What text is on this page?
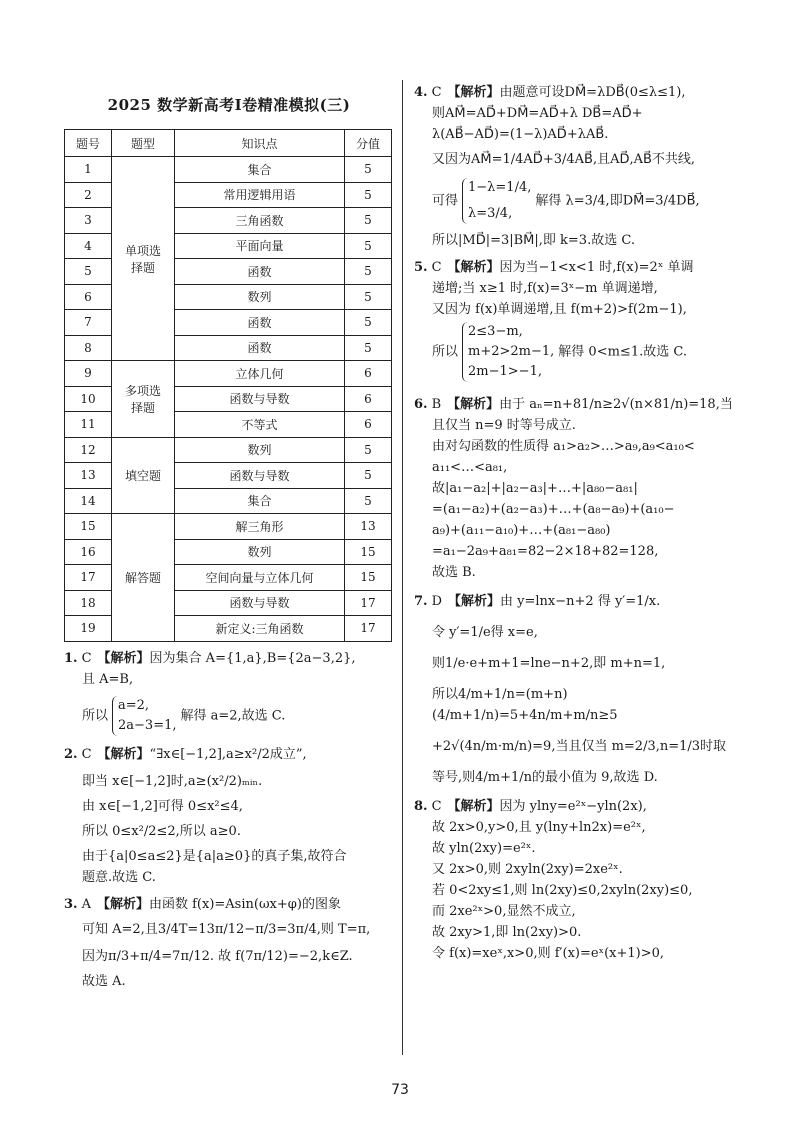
2025 数学新高考Ⅰ卷精准模拟(三)
题号	题型	知识点	分值
1	单项选择题	集合	5
2		常用逻辑用语	5
3		三角函数	5
4		平面向量	5
5		函数	5
6		数列	5
7		函数	5
8		函数	5
9	多项选择题	立体几何	6
10		函数与导数	6
11		不等式	6
12	填空题	数列	5
13		函数与导数	5
14		集合	5
15	解答题	解三角形	13
16		数列	15
17		空间向量与立体几何	15
18		函数与导数	17
19		新定义:三角函数	17

1. C 【解析】因为集合 A={1,a},B={2a−3,2},

且 A=B,

所以
a=2,
2a−3=1,
解得 a=2,故选 C.

2. C 【解析】“∃x∈[−1,2],a≥x²/2成立”,

即当 x∈[−1,2]时,a≥(x²/2)ₘᵢₙ.

由 x∈[−1,2]可得 0≤x²≤4,

所以 0≤x²/2≤2,所以 a≥0.

由于{a|0≤a≤2}是{a|a≥0}的真子集,故符合

题意.故选 C.

3. A 【解析】由函数 f(x)=Asin(ωx+φ)的图象

可知 A=2,且3/4T=13π/12−π/3=3π/4,则 T=π,

因为π/3+π/4=7π/12. 故 f(7π/12)=−2,k∈Z.

故选 A.

4. C 【解析】由题意可设DM⃗=λDB⃗(0≤λ≤1),

则AM⃗=AD⃗+DM⃗=AD⃗+λ DB⃗=AD⃗+

λ(AB⃗−AD⃗)=(1−λ)AD⃗+λAB⃗.

又因为AM⃗=1/4AD⃗+3/4AB⃗,且AD⃗,AB⃗不共线,

可得
1−λ=1/4,
λ=3/4,
解得 λ=3/4,即DM⃗=3/4DB⃗,

所以|MD⃗|=3|BM⃗|,即 k=3.故选 C.

5. C 【解析】因为当−1<x<1 时,f(x)=2ˣ 单调

递增;当 x≥1 时,f(x)=3ˣ−m 单调递增,

又因为 f(x)单调递增,且 f(m+2)>f(2m−1),

所以
2≤3−m,
m+2>2m−1,
2m−1>−1,
解得 0<m≤1.故选 C.

6. B 【解析】由于 aₙ=n+81/n≥2√(n×81/n)=18,当

且仅当 n=9 时等号成立.

由对勾函数的性质得 a₁>a₂>…>a₉,a₉<a₁₀<

a₁₁<…<a₈₁,

故|a₁−a₂|+|a₂−a₃|+…+|a₈₀−a₈₁|

=(a₁−a₂)+(a₂−a₃)+…+(a₈−a₉)+(a₁₀−

a₉)+(a₁₁−a₁₀)+…+(a₈₁−a₈₀)

=a₁−2a₉+a₈₁=82−2×18+82=128,

故选 B.

7. D 【解析】由 y=lnx−n+2 得 y′=1/x.

令 y′=1/e得 x=e,

则1/e·e+m+1=lne−n+2,即 m+n=1,

所以4/m+1/n=(m+n)(4/m+1/n)=5+4n/m+m/n≥5

+2√(4n/m·m/n)=9,当且仅当 m=2/3,n=1/3时取

等号,则4/m+1/n的最小值为 9,故选 D.

8. C 【解析】因为 ylny=e²ˣ−yln(2x),

故 2x>0,y>0,且 y(lny+ln2x)=e²ˣ,

故 yln(2xy)=e²ˣ.

又 2x>0,则 2xyln(2xy)=2xe²ˣ.

若 0<2xy≤1,则 ln(2xy)≤0,2xyln(2xy)≤0,

而 2xe²ˣ>0,显然不成立,

故 2xy>1,即 ln(2xy)>0.

令 f(x)=xeˣ,x>0,则 f′(x)=eˣ(x+1)>0,

73
